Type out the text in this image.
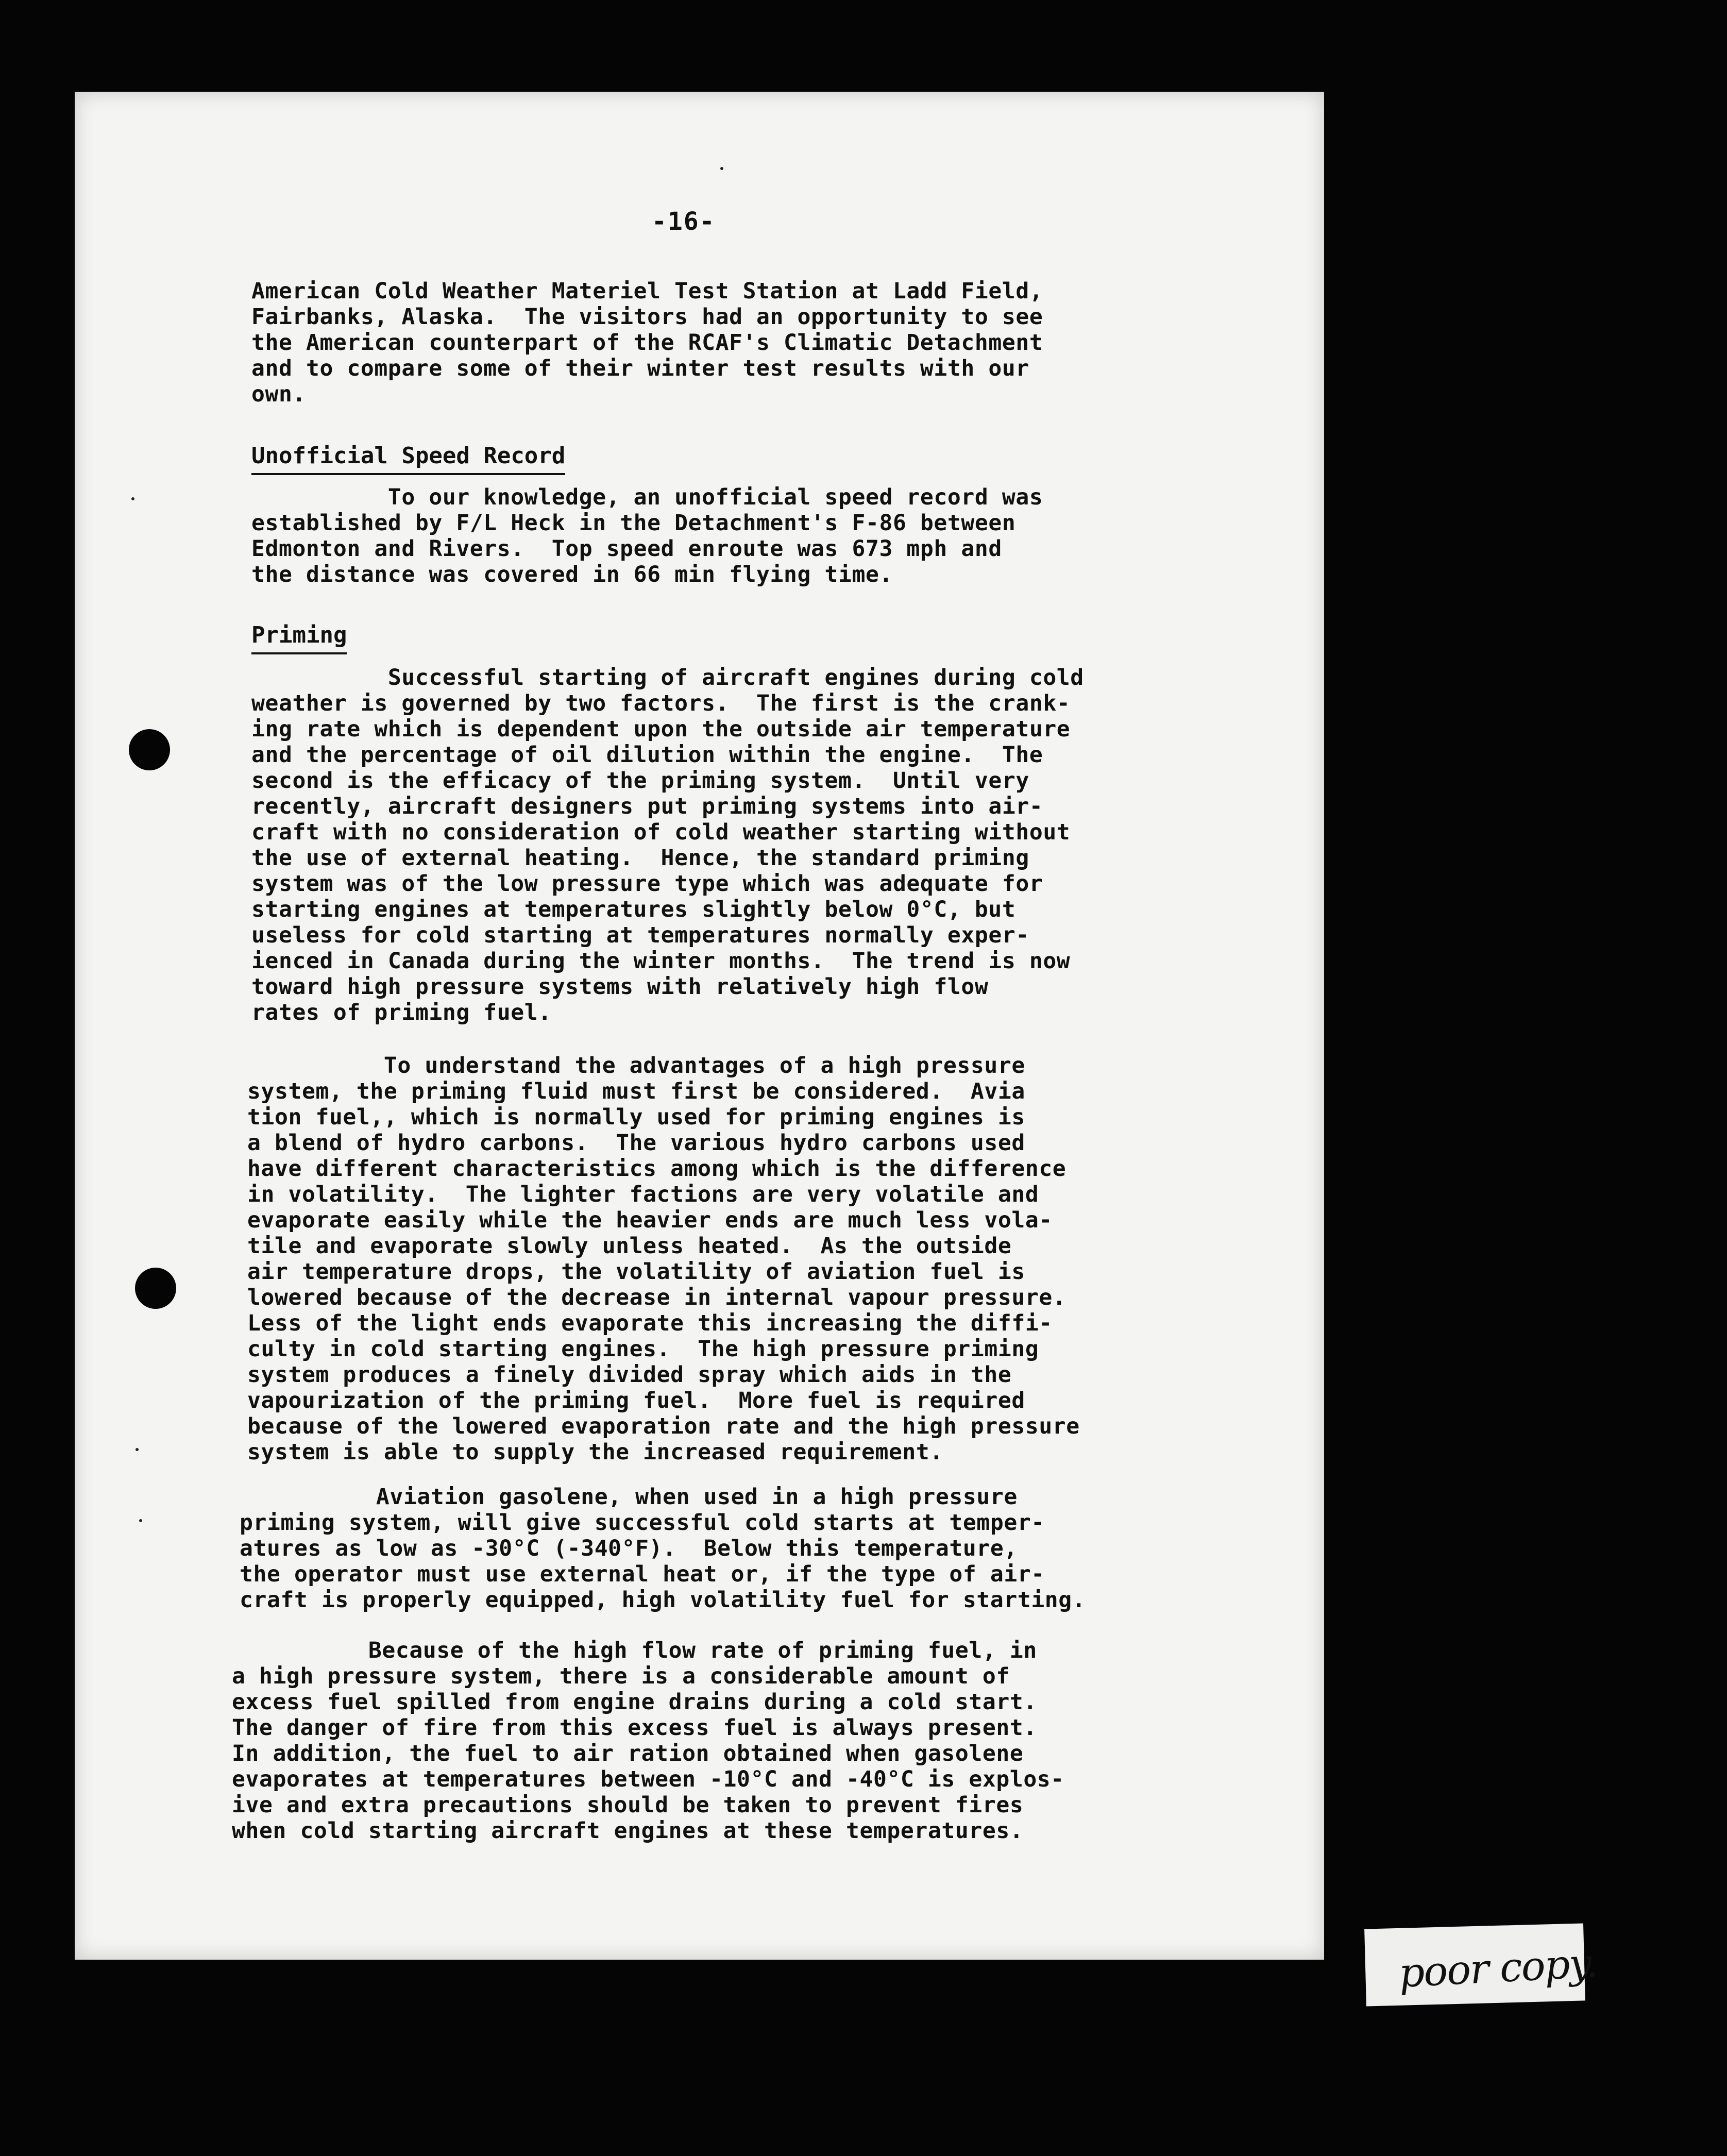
-16-
American Cold Weather Materiel Test Station at Ladd Field,
Fairbanks, Alaska.  The visitors had an opportunity to see
the American counterpart of the RCAF's Climatic Detachment
and to compare some of their winter test results with our
own.
Unofficial Speed Record
To our knowledge, an unofficial speed record was
established by F/L Heck in the Detachment's F-86 between
Edmonton and Rivers.  Top speed enroute was 673 mph and
the distance was covered in 66 min flying time.
Priming
Successful starting of aircraft engines during cold
weather is governed by two factors.  The first is the crank-
ing rate which is dependent upon the outside air temperature
and the percentage of oil dilution within the engine.  The
second is the efficacy of the priming system.  Until very
recently, aircraft designers put priming systems into air-
craft with no consideration of cold weather starting without
the use of external heating.  Hence, the standard priming
system was of the low pressure type which was adequate for
starting engines at temperatures slightly below 0°C, but
useless for cold starting at temperatures normally exper-
ienced in Canada during the winter months.  The trend is now
toward high pressure systems with relatively high flow
rates of priming fuel.
To understand the advantages of a high pressure
system, the priming fluid must first be considered.  Avia
tion fuel,, which is normally used for priming engines is
a blend of hydro carbons.  The various hydro carbons used
have different characteristics among which is the difference
in volatility.  The lighter factions are very volatile and
evaporate easily while the heavier ends are much less vola-
tile and evaporate slowly unless heated.  As the outside
air temperature drops, the volatility of aviation fuel is
lowered because of the decrease in internal vapour pressure.
Less of the light ends evaporate this increasing the diffi-
culty in cold starting engines.  The high pressure priming
system produces a finely divided spray which aids in the
vapourization of the priming fuel.  More fuel is required
because of the lowered evaporation rate and the high pressure
system is able to supply the increased requirement.
Aviation gasolene, when used in a high pressure
priming system, will give successful cold starts at temper-
atures as low as -30°C (-340°F).  Below this temperature,
the operator must use external heat or, if the type of air-
craft is properly equipped, high volatility fuel for starting.
Because of the high flow rate of priming fuel, in
a high pressure system, there is a considerable amount of
excess fuel spilled from engine drains during a cold start.
The danger of fire from this excess fuel is always present.
In addition, the fuel to air ration obtained when gasolene
evaporates at temperatures between -10°C and -40°C is explos-
ive and extra precautions should be taken to prevent fires
when cold starting aircraft engines at these temperatures.
poor copy.
